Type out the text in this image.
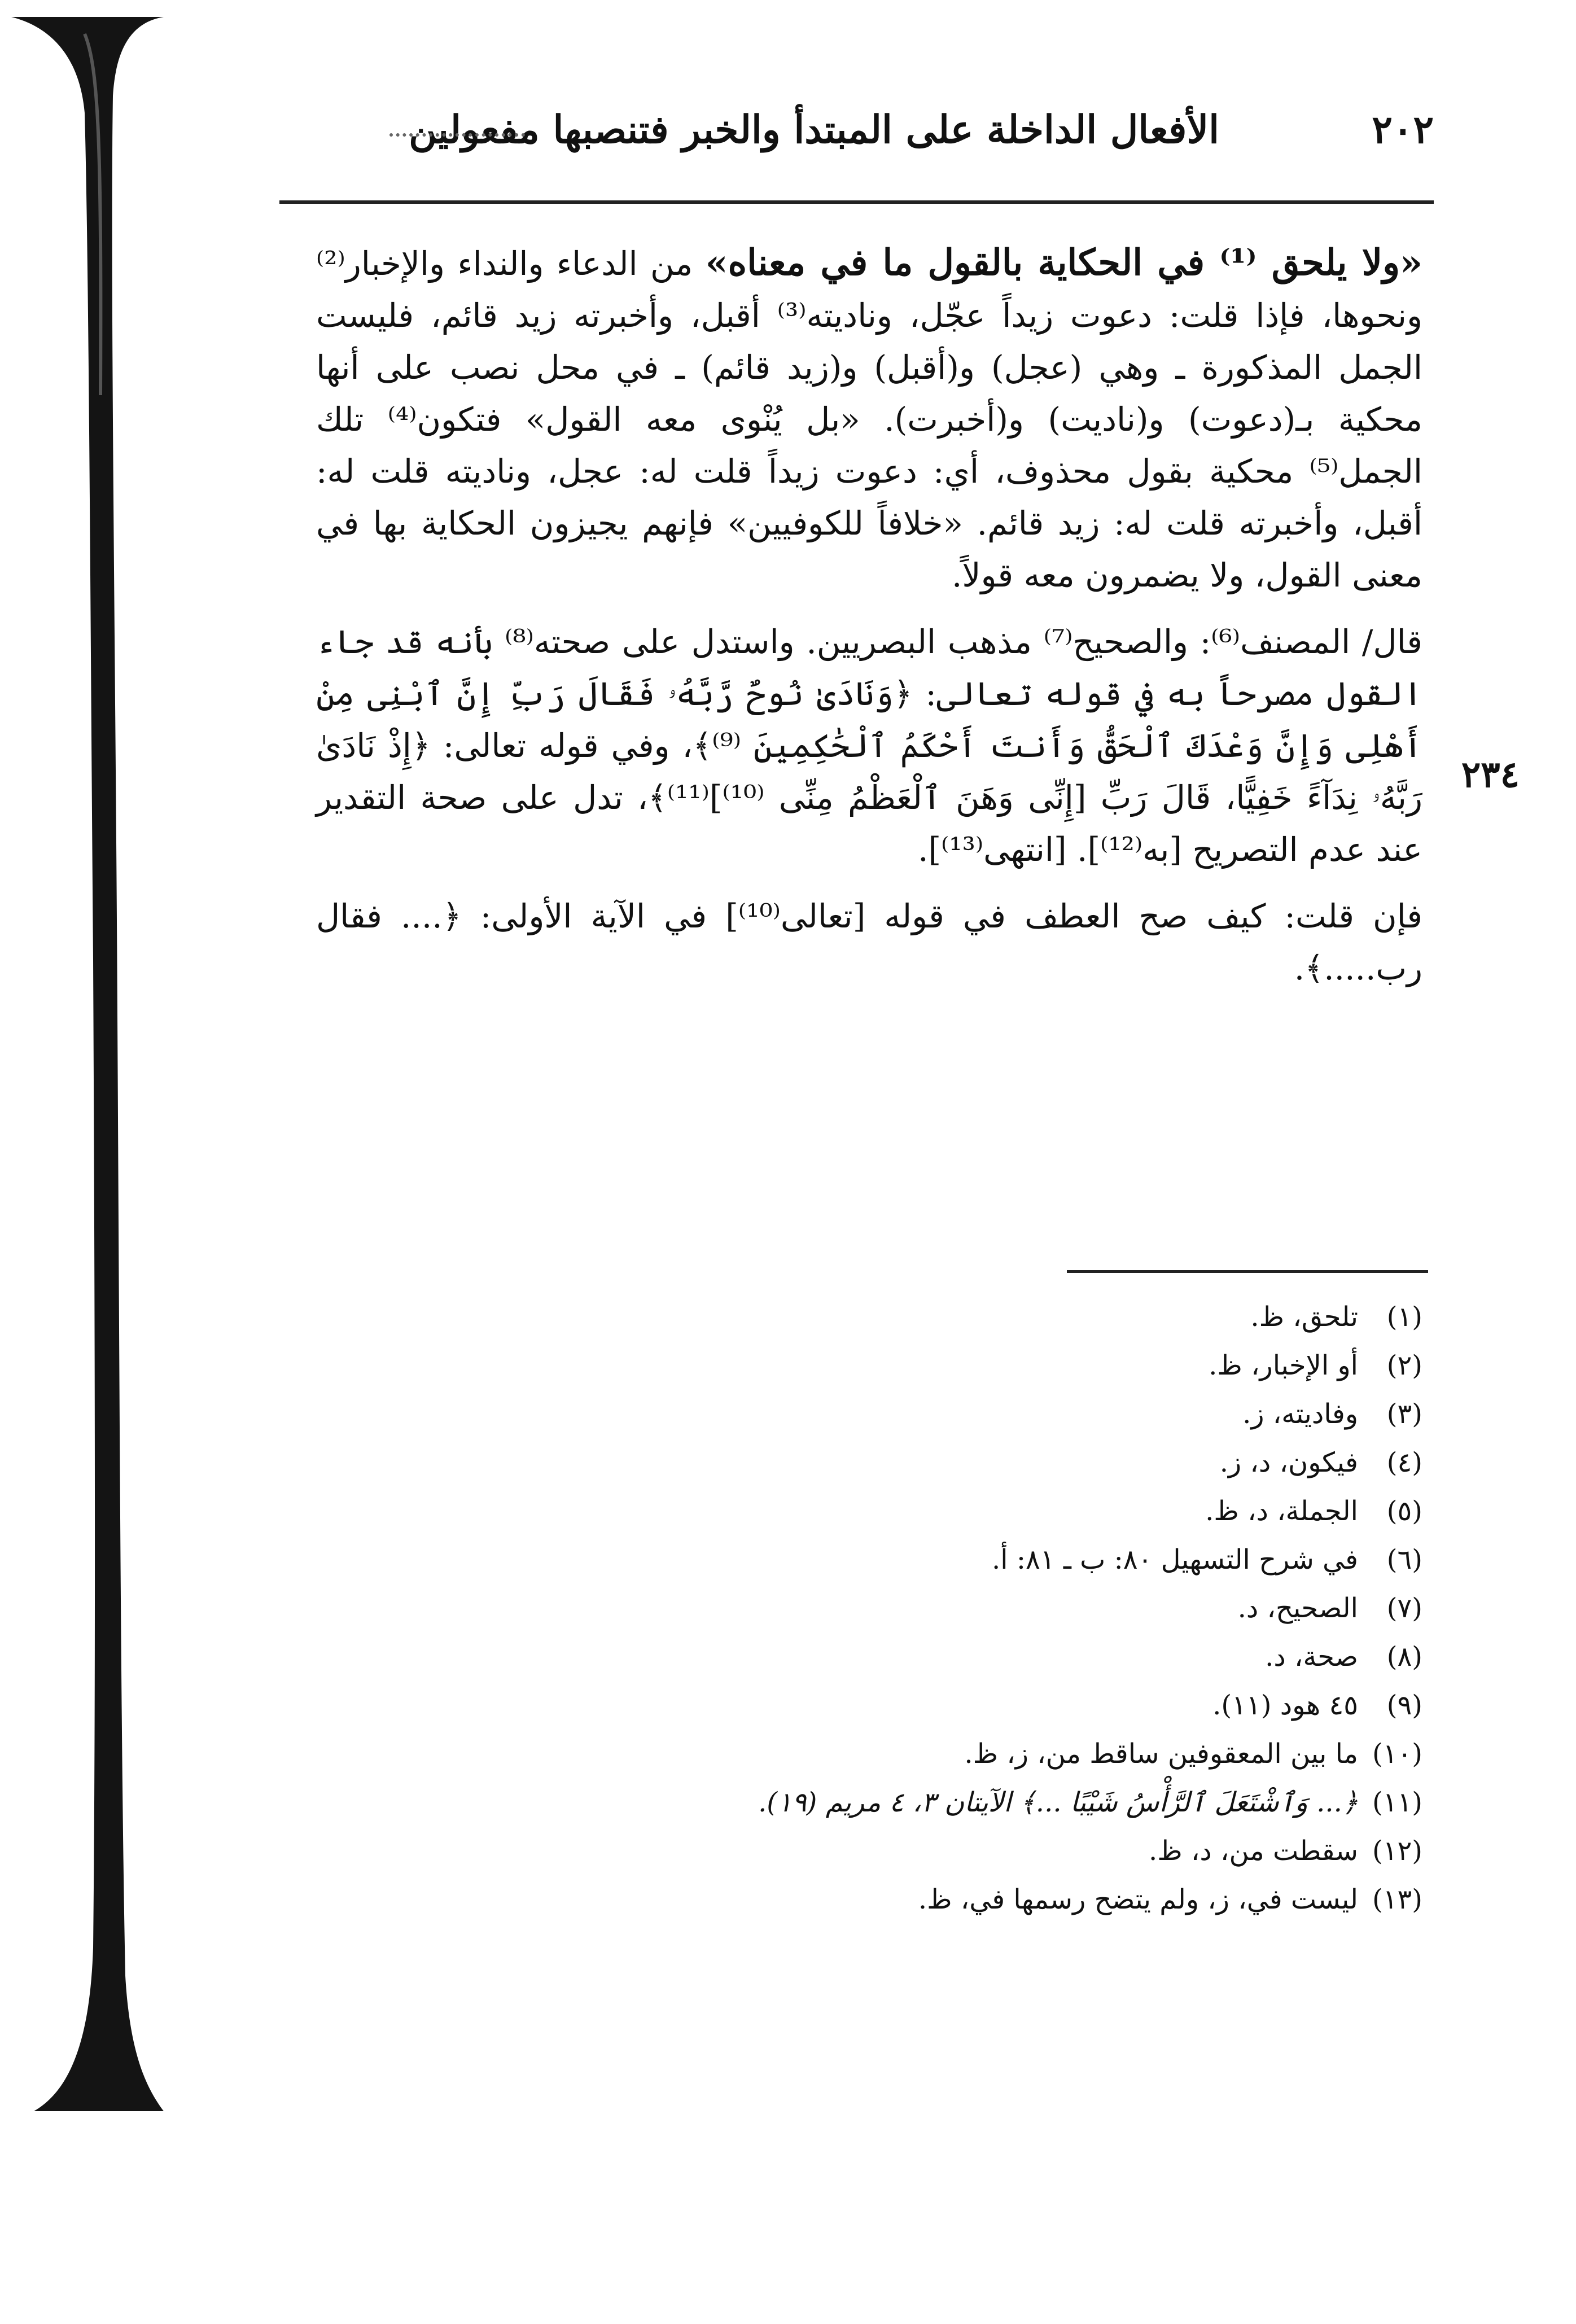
٢٠٢
الأفعال الداخلة على المبتدأ والخبر فتنصبها مفعولين
٢٣٤

«ولا يلحق ⁽¹⁾ في الحكاية بالقول ما في معناه» من الدعاء والنداء والإخبار⁽²⁾ ونحوها، فإذا قلت: دعوت زيداً عجّل، وناديته⁽³⁾ أقبل، وأخبرته زيد قائم، فليست الجمل المذكورة ـ وهي (عجل) و(أقبل) و(زيد قائم) ـ في محل نصب على أنها محكية بـ(دعوت) و(ناديت) و(أخبرت). «بل يُنْوى معه القول» فتكون⁽⁴⁾ تلك الجمل⁽⁵⁾ محكية بقول محذوف، أي: دعوت زيداً قلت له: عجل، وناديته قلت له: أقبل، وأخبرته قلت له: زيد قائم. «خلافاً للكوفيين» فإنهم يجيزون الحكاية بها في معنى القول، ولا يضمرون معه قولاً.

قال/ المصنف⁽⁶⁾: والصحيح⁽⁷⁾ مذهب البصريين. واستدل على صحته⁽⁸⁾ بأنه قد جاء القول مصرحاً به في قوله تعالى: ﴿وَنَادَىٰ نُوحٌ رَّبَّهُۥ فَقَالَ رَبِّ إِنَّ ٱبْنِى مِنْ أَهْلِى وَإِنَّ وَعْدَكَ ٱلْحَقُّ وَأَنتَ أَحْكَمُ ٱلْحَٰكِمِينَ ⁽⁹⁾﴾، وفي قوله تعالى: ﴿إِذْ نَادَىٰ رَبَّهُۥ نِدَآءً خَفِيًّا، قَالَ رَبِّ [إِنِّى وَهَنَ ٱلْعَظْمُ مِنِّى ⁽¹⁰⁾]⁽¹¹⁾﴾، تدل على صحة التقدير عند عدم التصريح [به⁽¹²⁾]. [انتهى⁽¹³⁾].

فإن قلت: كيف صح العطف في قوله [تعالى⁽¹⁰⁾] في الآية الأولى: ﴿.... فقال رب.....﴾.

(١)تلحق، ظ.
(٢)أو الإخبار، ظ.
(٣)وفاديته، ز.
(٤)فيكون، د، ز.
(٥)الجملة، د، ظ.
(٦)في شرح التسهيل ٨٠: ب ـ ٨١: أ.
(٧)الصحيح، د.
(٨)صحة، د.
(٩)٤٥ هود (١١).
(١٠)ما بين المعقوفين ساقط من، ز، ظ.
(١١)﴿... وَٱشْتَعَلَ ٱلرَّأْسُ شَيْبًا ...﴾ الآيتان ٣، ٤ مريم (١٩).
(١٢)سقطت من، د، ظ.
(١٣)ليست في، ز، ولم يتضح رسمها في، ظ.
